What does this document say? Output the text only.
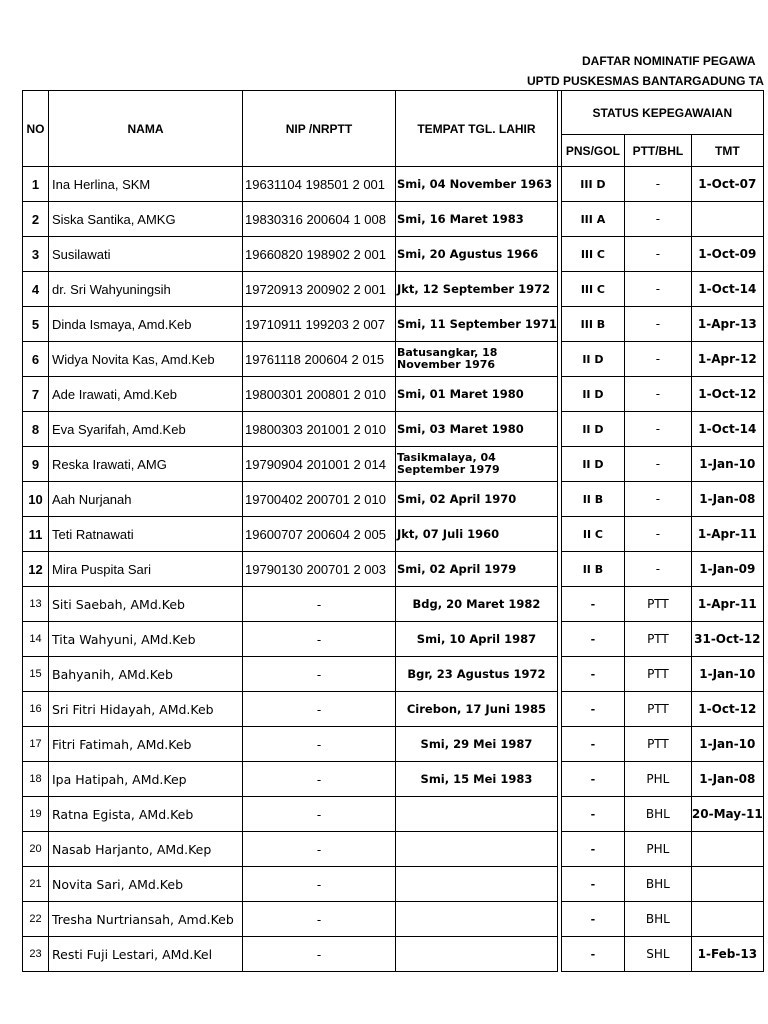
DAFTAR NOMINATIF PEGAWA
UPTD PUSKESMAS BANTARGADUNG TA
NO	NAMA	NIP /NRPTT	TEMPAT TGL. LAHIR		STATUS KEPEGAWAIAN		
					PNS/GOL	PTT/BHL	TMT
1	Ina Herlina, SKM	19631104 198501 2 001	Smi, 04 November 1963		III D	-	1-Oct-07
2	Siska Santika, AMKG	19830316 200604 1 008	Smi, 16 Maret 1983		III A	-	
3	Susilawati	19660820 198902 2 001	Smi, 20 Agustus 1966		III C	-	1-Oct-09
4	dr. Sri Wahyuningsih	19720913 200902 2 001	Jkt, 12 September 1972		III C	-	1-Oct-14
5	Dinda Ismaya, Amd.Keb	19710911 199203 2 007	Smi, 11 September 1971		III B	-	1-Apr-13
6	Widya Novita Kas, Amd.Keb	19761118 200604 2 015	Batusangkar, 18 November 1976		II D	-	1-Apr-12
7	Ade Irawati, Amd.Keb	19800301 200801 2 010	Smi, 01 Maret 1980		II D	-	1-Oct-12
8	Eva Syarifah, Amd.Keb	19800303 201001 2 010	Smi, 03 Maret 1980		II D	-	1-Oct-14
9	Reska Irawati, AMG	19790904 201001 2 014	Tasikmalaya, 04 September 1979		II D	-	1-Jan-10
10	Aah Nurjanah	19700402 200701 2 010	Smi, 02 April 1970		II B	-	1-Jan-08
11	Teti Ratnawati	19600707 200604 2 005	Jkt, 07 Juli 1960		II C	-	1-Apr-11
12	Mira Puspita Sari	19790130 200701 2 003	Smi, 02 April 1979		II B	-	1-Jan-09
13	Siti Saebah, AMd.Keb	-	Bdg, 20 Maret 1982		-	PTT	1-Apr-11
14	Tita Wahyuni, AMd.Keb	-	Smi, 10 April 1987		-	PTT	31-Oct-12
15	Bahyanih, AMd.Keb	-	Bgr, 23 Agustus 1972		-	PTT	1-Jan-10
16	Sri Fitri Hidayah, AMd.Keb	-	Cirebon, 17 Juni 1985		-	PTT	1-Oct-12
17	Fitri Fatimah, AMd.Keb	-	Smi, 29 Mei 1987		-	PTT	1-Jan-10
18	Ipa Hatipah, AMd.Kep	-	Smi, 15 Mei 1983		-	PHL	1-Jan-08
19	Ratna Egista, AMd.Keb	-			-	BHL	20-May-11
20	Nasab Harjanto, AMd.Kep	-			-	PHL	
21	Novita Sari, AMd.Keb	-			-	BHL	
22	Tresha Nurtriansah, Amd.Keb	-			-	BHL	
23	Resti Fuji Lestari, AMd.Kel	-			-	SHL	1-Feb-13
